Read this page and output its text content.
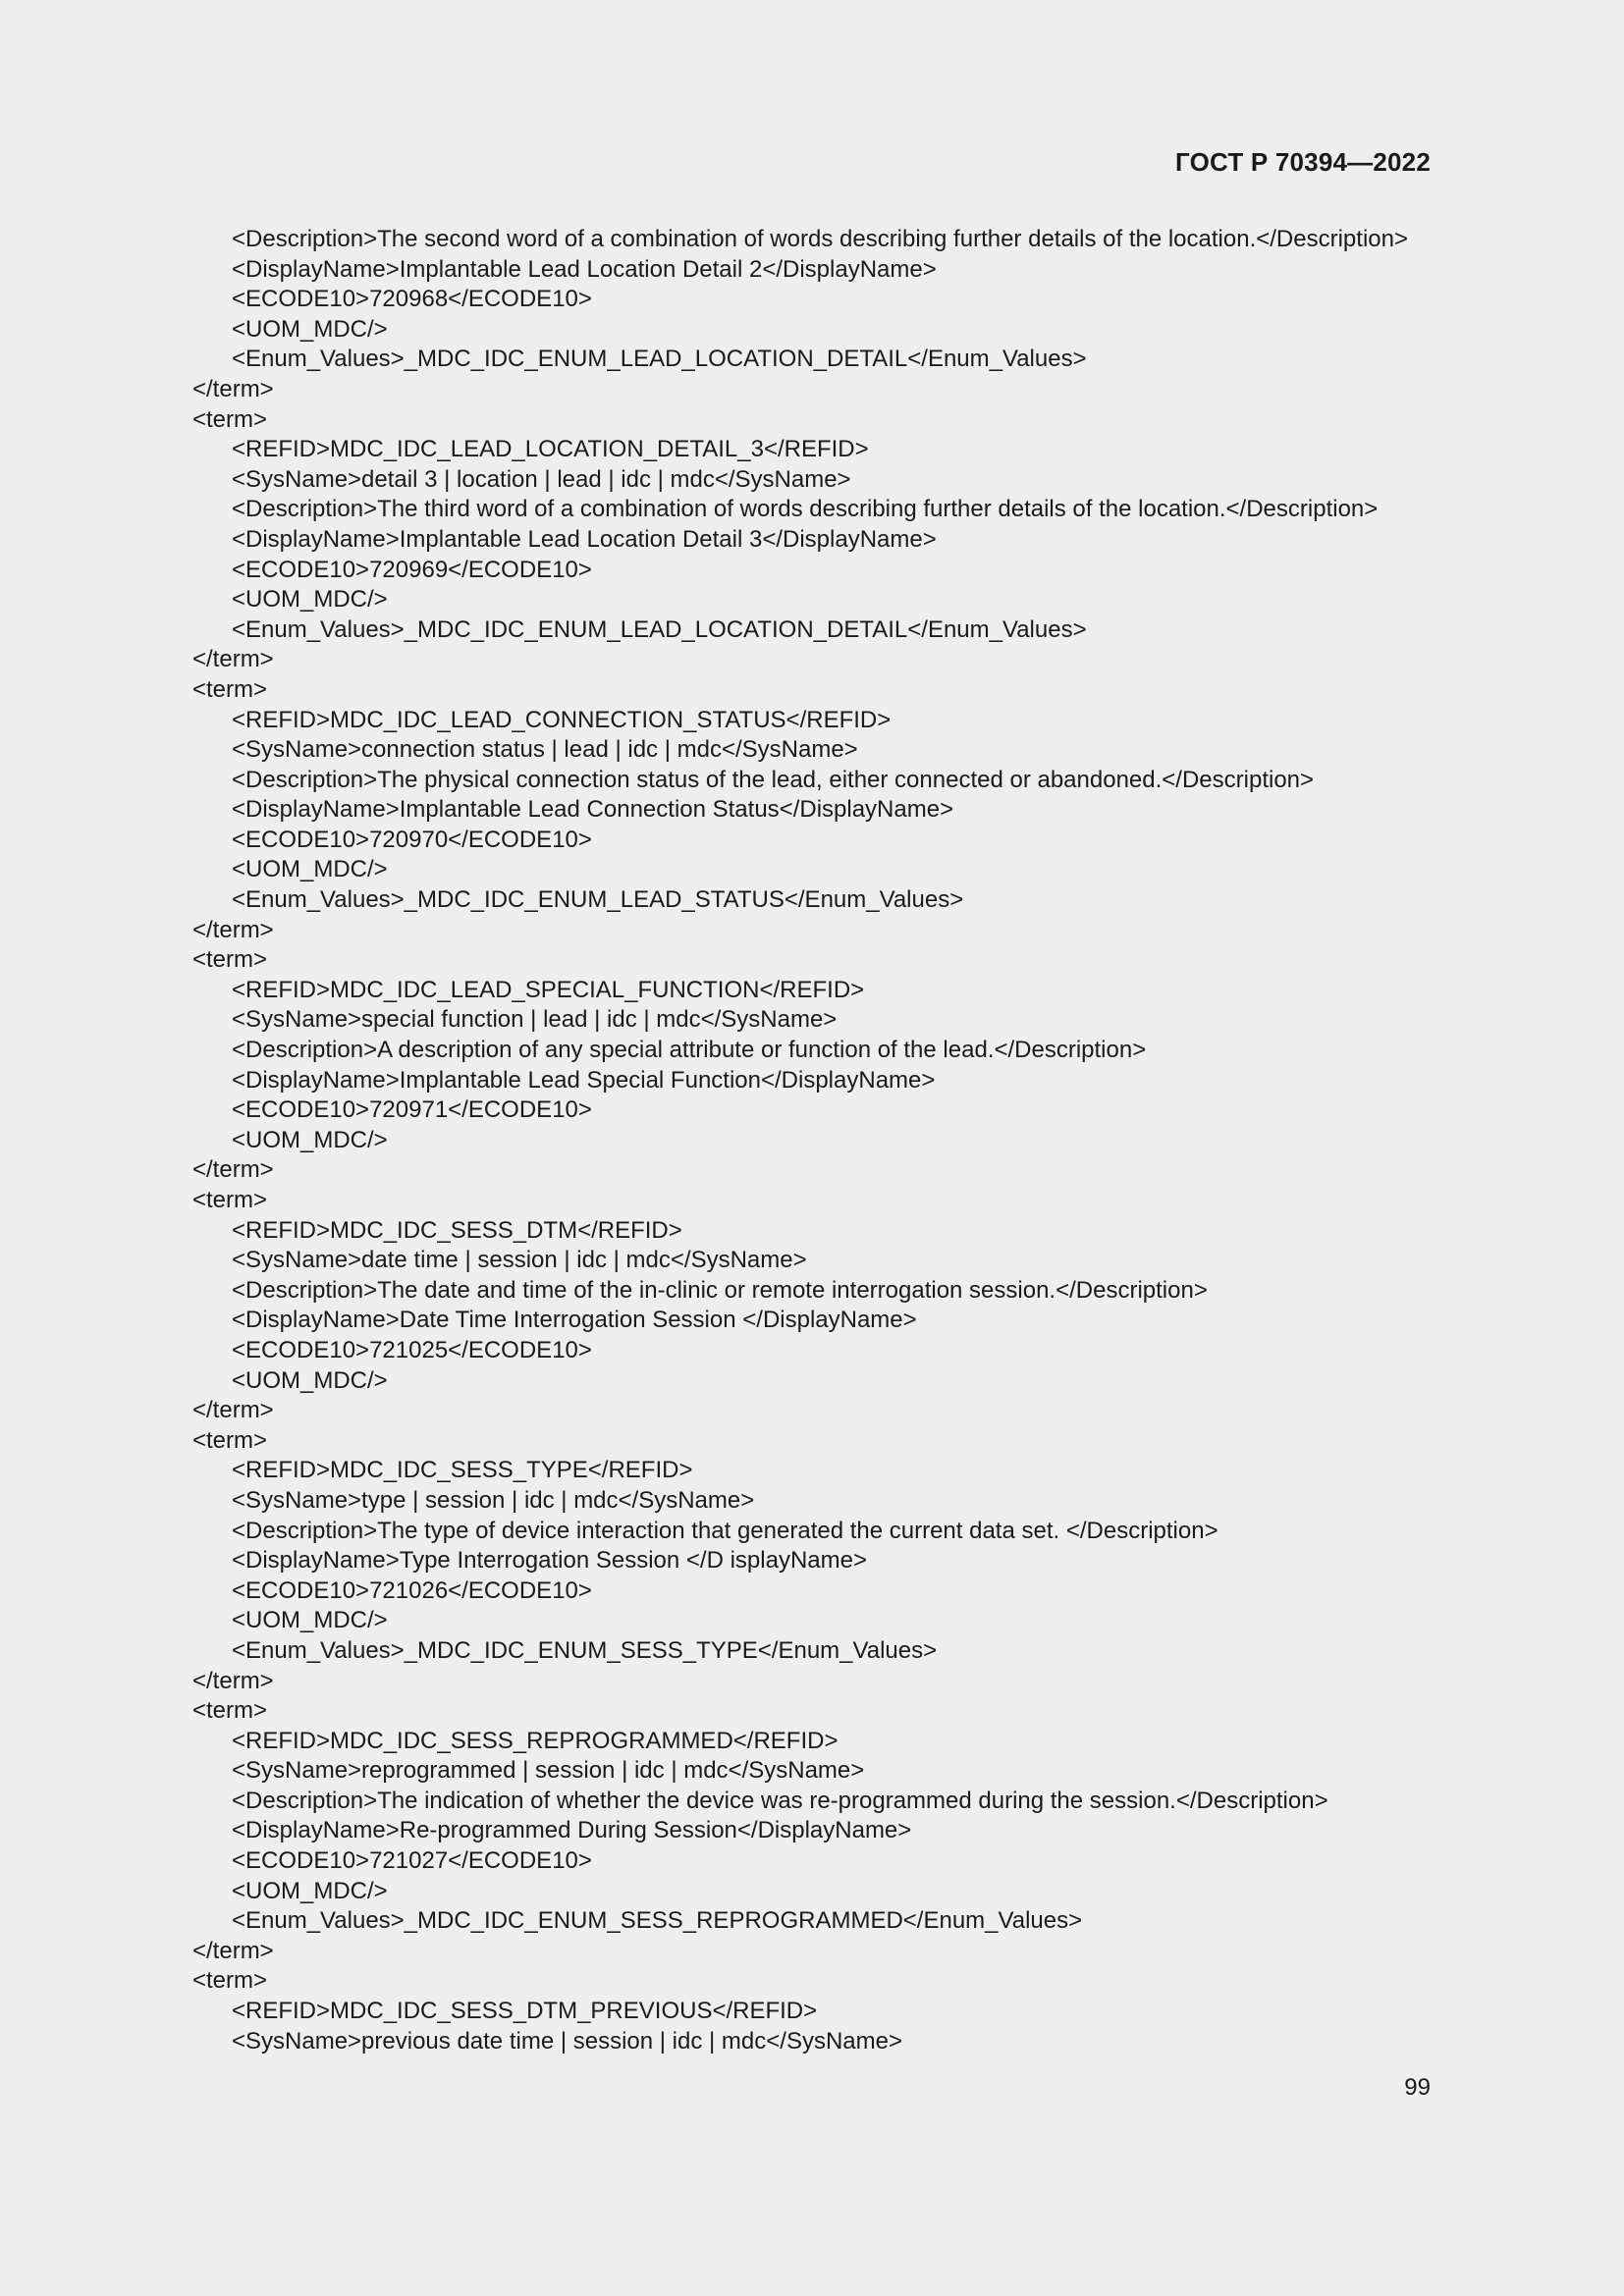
ГОСТ Р 70394—2022
<Description>The second word of a combination of words describing further details of the location.</Description>
<DisplayName>Implantable Lead Location Detail 2</DisplayName>
<ECODE10>720968</ECODE10>
<UOM_MDC/>
<Enum_Values>_MDC_IDC_ENUM_LEAD_LOCATION_DETAIL</Enum_Values>
</term>
<term>
<REFID>MDC_IDC_LEAD_LOCATION_DETAIL_3</REFID>
<SysName>detail 3 | location | lead | idc | mdc</SysName>
<Description>The third word of a combination of words describing further details of the location.</Description>
<DisplayName>Implantable Lead Location Detail 3</DisplayName>
<ECODE10>720969</ECODE10>
<UOM_MDC/>
<Enum_Values>_MDC_IDC_ENUM_LEAD_LOCATION_DETAIL</Enum_Values>
</term>
<term>
<REFID>MDC_IDC_LEAD_CONNECTION_STATUS</REFID>
<SysName>connection status | lead | idc | mdc</SysName>
<Description>The physical connection status of the lead, either connected or abandoned.</Description>
<DisplayName>Implantable Lead Connection Status</DisplayName>
<ECODE10>720970</ECODE10>
<UOM_MDC/>
<Enum_Values>_MDC_IDC_ENUM_LEAD_STATUS</Enum_Values>
</term>
<term>
<REFID>MDC_IDC_LEAD_SPECIAL_FUNCTION</REFID>
<SysName>special function | lead | idc | mdc</SysName>
<Description>A description of any special attribute or function of the lead.</Description>
<DisplayName>Implantable Lead Special Function</DisplayName>
<ECODE10>720971</ECODE10>
<UOM_MDC/>
</term>
<term>
<REFID>MDC_IDC_SESS_DTM</REFID>
<SysName>date time | session | idc | mdc</SysName>
<Description>The date and time of the in-clinic or remote interrogation session.</Description>
<DisplayName>Date Time Interrogation Session </DisplayName>
<ECODE10>721025</ECODE10>
<UOM_MDC/>
</term>
<term>
<REFID>MDC_IDC_SESS_TYPE</REFID>
<SysName>type | session | idc | mdc</SysName>
<Description>The type of device interaction that generated the current data set. </Description>
<DisplayName>Type Interrogation Session </D isplayName>
<ECODE10>721026</ECODE10>
<UOM_MDC/>
<Enum_Values>_MDC_IDC_ENUM_SESS_TYPE</Enum_Values>
</term>
<term>
<REFID>MDC_IDC_SESS_REPROGRAMMED</REFID>
<SysName>reprogrammed | session | idc | mdc</SysName>
<Description>The indication of whether the device was re-programmed during the session.</Description>
<DisplayName>Re-programmed During Session</DisplayName>
<ECODE10>721027</ECODE10>
<UOM_MDC/>
<Enum_Values>_MDC_IDC_ENUM_SESS_REPROGRAMMED</Enum_Values>
</term>
<term>
<REFID>MDC_IDC_SESS_DTM_PREVIOUS</REFID>
<SysName>previous date time | session | idc | mdc</SysName>
99
